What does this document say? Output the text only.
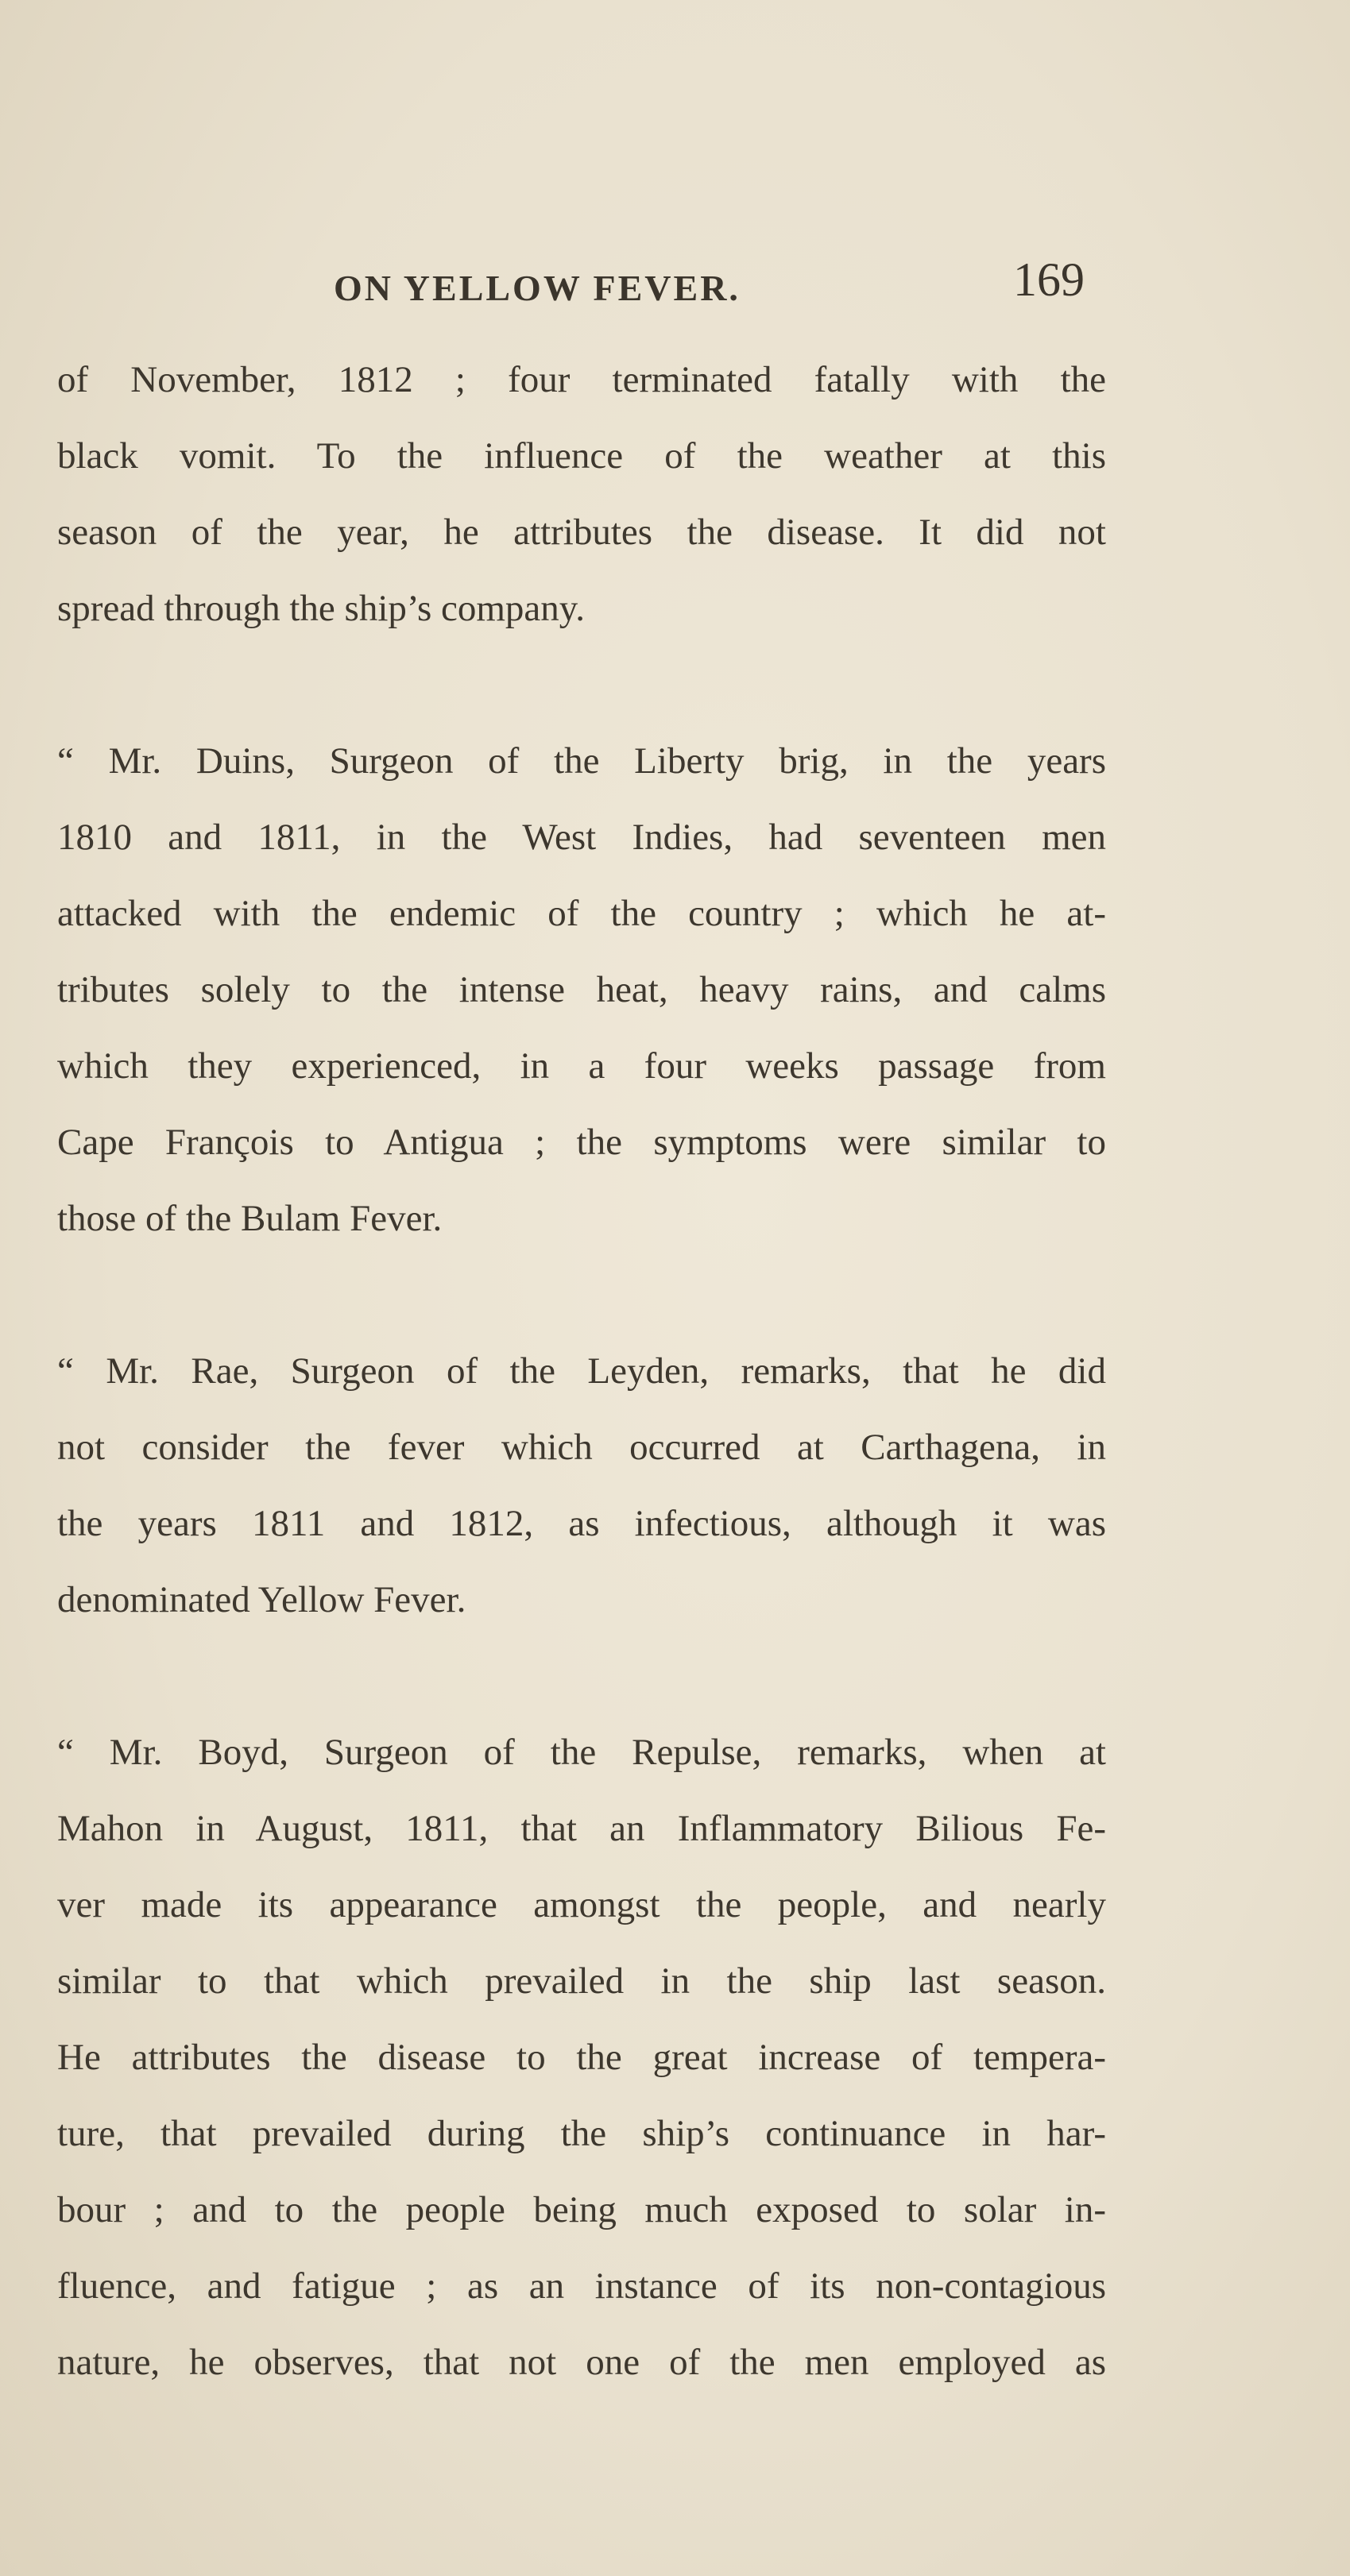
ON YELLOW FEVER.	169
of November, 1812 ; four terminated fatally with the
black vomit. To the influence of the weather at this
season of the year, he attributes the disease. It did not
spread through the ship’s company.
“ Mr. Duins, Surgeon of the Liberty brig, in the years
1810 and 1811, in the West Indies, had seventeen men
attacked with the endemic of the country ; which he at-
tributes solely to the intense heat, heavy rains, and calms
which they experienced, in a four weeks passage from
Cape François to Antigua ; the symptoms were similar to
those of the Bulam Fever.
“ Mr. Rae, Surgeon of the Leyden, remarks, that he did
not consider the fever which occurred at Carthagena, in
the years 1811 and 1812, as infectious, although it was
denominated Yellow Fever.
“ Mr. Boyd, Surgeon of the Repulse, remarks, when at
Mahon in August, 1811, that an Inflammatory Bilious Fe-
ver made its appearance amongst the people, and nearly
similar to that which prevailed in the ship last season.
He attributes the disease to the great increase of tempera-
ture, that prevailed during the ship’s continuance in har-
bour ; and to the people being much exposed to solar in-
fluence, and fatigue ; as an instance of its non-contagious
nature, he observes, that not one of the men employed as
